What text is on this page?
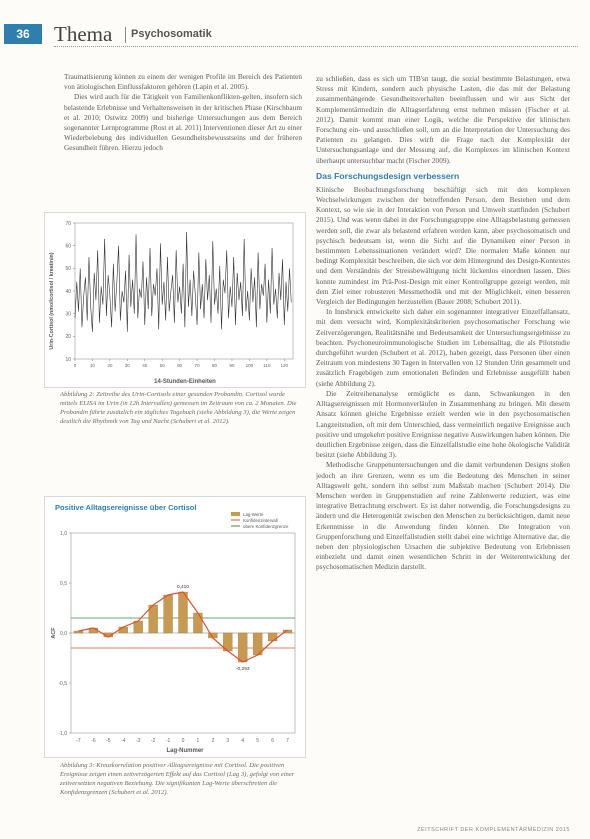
36	Thema Psychosomatik

Traumatisierung können zu einem der wenigen Profile im Bereich des Patienten von ätiologischen Einflussfaktoren gehören (Lapin et al. 2005).

Dies wird auch für die Tätigkeit von Familienkonflikten-gelten, insofern sich belastende Erlebnisse und Verhaltensweisen in der kritischen Phase (Kirschbaum et al. 2010; Ostwitz 2009) und bisherige Untersuchungen aus dem Bereich sogenannter Lernprogramme (Rost et al. 2011) Interventionen dieser Art zu einer Wiederbelebung des individuellen Gesundheitsbewusstseins und der früheren Gesundheit führen. Hierzu jedoch

Urin-Cortisol (nmol/cortisol / kreatinin)
14-Stunden-Einheiten
10
20
30
40
50
60
70
0	10	20	30	40	50	60	70	80	90 100 110 120
Abbildung 2: Zeitreihe des Urin-Cortisols einer gesunden Probandin. Cortisol wurde mittels ELISA im Urin (in 12h Intervallen) gemessen im Zeitraum von ca. 2 Monaten. Die Probandin führte zusätzlich ein tägliches Tagebuch (siehe Abbildung 3), die Werte zeigen deutlich die Rhythmik von Tag und Nacht (Schubert et al. 2012).
Positive Alltagsereignisse über Cortisol
Lag-Werte
Konfidenzintervall
obere Konfidenzgrenze
ACF
Lag-Nummer
1,0
0,5
0,0
-0,5
-1,0
-7 -6 -5 -4 -3 -2 -1 0 1 2 3 4 5 6 7
0,410
-0,293
Abbildung 3: Kreuzkorrelation positiver Alltagsereignisse mit Cortisol. Die positiven Ereignisse zeigen einen zeitverzögerten Effekt auf das Cortisol (Lag 3), gefolgt von einer zeitversetzten negativen Beziehung. Die signifikanten Lag-Werte überschreiten die Konfidenzgrenzen (Schubert et al. 2012).

zu schließen, dass es sich um TIB'sn taugt, die sozial bestimmte Belastungen, etwa Stress mit Kindern, sondern auch physische Lasten, die das mit der Belastung zusammenhängende Gesundheitsverhalten beeinflussen und wir aus Sicht der Komplementärmedizin die Alltagserfahrung ernst nehmen müssen (Fischer et al. 2012). Damit kommt man einer Logik, welche die Perspektive der klinischen Forschung ein- und ausschließen soll, um an die Interpretation der Untersuchung des Patienten zu gelangen. Dies wirft die Frage nach der Komplexität der Untersuchungsanlage und der Messung auf, die Komplexes im klinischen Kontext überhaupt untersuchbar macht (Fischer 2009).

Das Forschungsdesign verbessern

Klinische Beobachtungsforschung beschäftigt sich mit den komplexen Wechselwirkungen zwischen der betreffenden Person, dem Bestehen und dem Kontext, so wie sie in der Interaktion von Person und Umwelt stattfinden (Schubert 2015). Und was wenn dabei in der Forschungsgruppe eine Alltagsbelastung gemessen werden soll, die zwar als belastend erfahren werden kann, aber psychosomatisch und psychisch bedeutsam ist, wenn die Sicht auf die Dynamiken einer Person in bestimmten Lebenssituationen verändert wird? Die normalen Maße können nur bedingt Komplexität beschreiben, die sich vor dem Hintergrund des Design-Kontextes und dem Verständnis der Stressbewältigung nicht lückenlos einordnen lassen. Dies konnte zumindest im Prä-Post-Design mit einer Kontrollgruppe gezeigt werden, mit dem Ziel einer robusteren Messmethodik und mit der Möglichkeit, einen besseren Vergleich der Bedingungen herzustellen (Bauer 2008; Schubert 2011).

In Innsbruck entwickelte sich daher ein sogenannter integrativer Einzelfallansatz, mit dem versucht wird, Komplexitätskriterien psychosomatischer Forschung wie Zeitverzögerungen, Realitätsnähe und Bedeutsamkeit der Untersuchungsergebnisse zu beachten. Psychoneuroimmunologische Studien im Lebensalltag, die als Pilotstudie durchgeführt wurden (Schubert et al. 2012), haben gezeigt, dass Personen über einen Zeitraum von mindestens 30 Tagen in Intervallen von 12 Stunden Urin gesammelt und zusätzlich Fragebögen zum emotionalen Befinden und Erlebnisse ausgefüllt haben (siehe Abbildung 2).

Die Zeitreihenanalyse ermöglicht es dann, Schwankungen in den Alltagsereignissen mit Hormonverläufen in Zusammenhang zu bringen. Mit diesem Ansatz können gleiche Ergebnisse erzielt werden wie in den psychosomatischen Langzeitstudien, oft mit dem Unterschied, dass vermeintlich negative Ereignisse auch positive und umgekehrt positive Ereignisse negative Auswirkungen haben können. Die deutlichen Ergebnisse zeigen, dass die Einzelfallstudie eine hohe ökologische Validität besitzt (siehe Abbildung 3).

Methodische Gruppenuntersuchungen und die damit verbundenen Designs stoßen jedoch an ihre Grenzen, wenn es um die Bedeutung des Menschen in seiner Alltagswelt geht, sondern ihn selbst zum Maßstab machen (Schubert 2014). Die Menschen werden in Gruppenstudien auf reine Zahlenwerte reduziert, was eine integrative Betrachtung erschwert. Es ist daher notwendig, die Forschungsdesigns zu ändern und die Heterogenität zwischen den Menschen zu berücksichtigen, damit neue Erkenntnisse in die Anwendung finden können. Die Integration von Gruppenforschung und Einzelfallstudien stellt dabei eine wichtige Alternative dar, die neben den physiologischen Ursachen die subjektive Bedeutung von Erlebnissen einbezieht und damit einen wesentlichen Schritt in der Weiterentwicklung der psychosomatischen Medizin darstellt.

ZEITSCHRIFT DER KOMPLEMENTÄRMEDIZIN 2015
